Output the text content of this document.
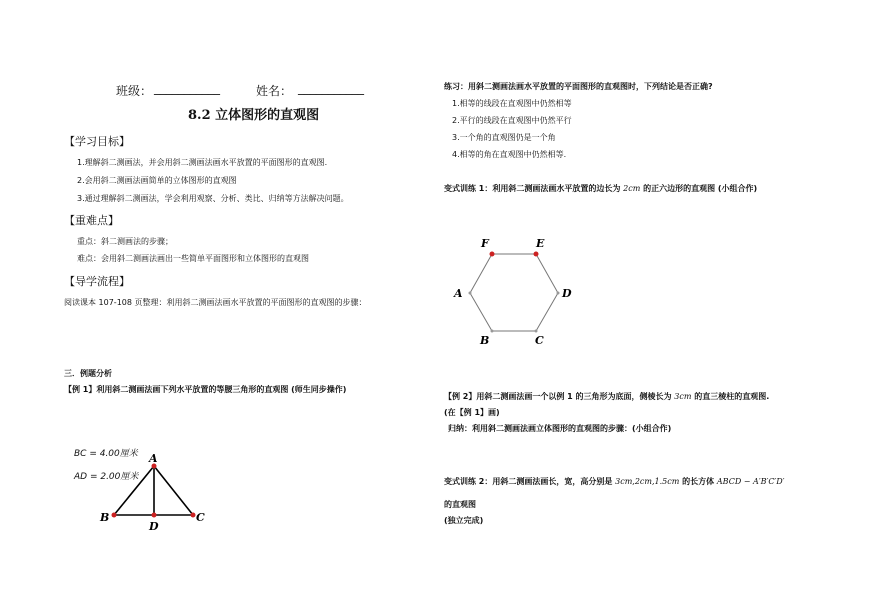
班级： ___________	姓名： ___________
8.2 立体图形的直观图
【学习目标】
1.理解斜二测画法，并会用斜二测画法画水平放置的平面图形的直观图.
2.会用斜二测画法画简单的立体图形的直观图
3.通过理解斜二测画法，学会利用观察、分析、类比、归纳等方法解决问题。
【重难点】
重点：斜二测画法的步骤；
难点：会用斜二测画法画出一些简单平面图形和立体图形的直观图
【导学流程】
阅读课本 107-108 页整理：利用斜二测画法画水平放置的平面图形的直观图的步骤：
三．例题分析
【例 1】利用斜二测画法画下列水平放置的等腰三角形的直观图 (师生同步操作)
BC = 4.00厘米
AD = 2.00厘米
A
B	C
D
练习：用斜二测画法画水平放置的平面图形的直观图时，下列结论是否正确?
1.相等的线段在直观图中仍然相等
2.平行的线段在直观图中仍然平行
3.一个角的直观图仍是一个角
4.相等的角在直观图中仍然相等.
变式训练 1：利用斜二测画法画水平放置的边长为 2cm 的正六边形的直观图 (小组合作)
F	E
D
C
B
A
【例 2】用斜二测画法画一个以例 1 的三角形为底面，侧棱长为 3cm 的直三棱柱的直观图.
(在【例 1】画)
归纳：利用斜二测画法画立体图形的直观图的步骤：(小组合作)
变式训练 2：用斜二测画法画长，宽，高分别是 3cm,2cm,1.5cm 的长方体 ABCD − A′B′C′D′
的直观图
(独立完成)
